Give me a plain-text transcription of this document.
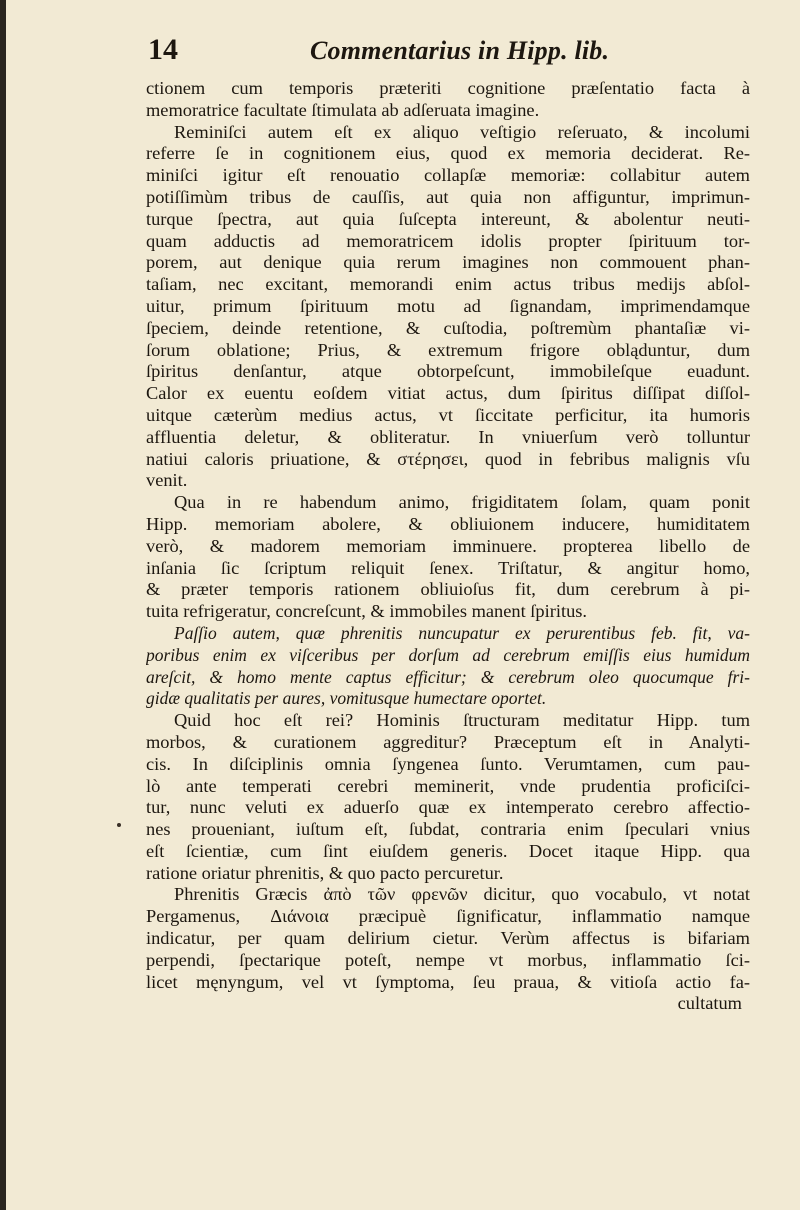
14	Commentarius in Hipp. lib.
ctionem cum temporis præteriti cognitione præſentatio facta à
memoratrice facultate ſtimulata ab adſeruata imagine.
Reminiſci autem eſt ex aliquo veſtigio reſeruato, & incolumi
referre ſe in cognitionem eius, quod ex memoria deciderat. Re-
miniſci igitur eſt renouatio collapſæ memoriæ: collabitur autem
potiſſimùm tribus de cauſſis, aut quia non affiguntur, imprimun-
turque ſpectra, aut quia ſuſcepta intereunt, & abolentur neuti-
quam adductis ad memoratricem idolis propter ſpirituum tor-
porem, aut denique quia rerum imagines non commouent phan-
taſiam, nec excitant, memorandi enim actus tribus medijs abſol-
uitur, primum ſpirituum motu ad ſignandam, imprimendamque
ſpeciem, deinde retentione, & cuſtodia, poſtremùm phantaſiæ vi-
ſorum oblatione; Prius, & extremum frigore obląduntur, dum
ſpiritus denſantur, atque obtorpeſcunt, immobileſque euadunt.
Calor ex euentu eoſdem vitiat actus, dum ſpiritus diſſipat diſſol-
uitque cæterùm medius actus, vt ſiccitate perficitur, ita humoris
affluentia deletur, & obliteratur. In vniuerſum verò tolluntur
natiui caloris priuatione, & στέρησει, quod in febribus malignis vſu
venit.
Qua in re habendum animo, frigiditatem ſolam, quam ponit
Hipp. memoriam abolere, & obliuionem inducere, humiditatem
verò, & madorem memoriam imminuere. propterea libello de
inſania ſic ſcriptum reliquit ſenex. Triſtatur, & angitur homo,
& præter temporis rationem obliuioſus fit, dum cerebrum à pi-
tuita refrigeratur, concreſcunt, & immobiles manent ſpiritus.
Paſſio autem, quæ phrenitis nuncupatur ex perurentibus feb. fit, va-
poribus enim ex viſceribus per dorſum ad cerebrum emiſſis eius humidum
areſcit, & homo mente captus efficitur; & cerebrum oleo quocumque fri-
gidæ qualitatis per aures, vomitusque humectare oportet.
Quid hoc eſt rei? Hominis ſtructuram meditatur Hipp. tum
morbos, & curationem aggreditur? Præceptum eſt in Analyti-
cis. In diſciplinis omnia ſyngenea ſunto. Verumtamen, cum pau-
lò ante temperati cerebri meminerit, vnde prudentia proficiſci-
tur, nunc veluti ex aduerſo quæ ex intemperato cerebro affectio-
nes proueniant, iuſtum eſt, ſubdat, contraria enim ſpeculari vnius
eſt ſcientiæ, cum ſint eiuſdem generis. Docet itaque Hipp. qua
ratione oriatur phrenitis, & quo pacto percuretur.
Phrenitis Græcis ἀπὸ τῶν φρενῶν dicitur, quo vocabulo, vt notat
Pergamenus, Διάνοια præcipuè ſignificatur, inflammatio namque
indicatur, per quam delirium cietur. Verùm affectus is bifariam
perpendi, ſpectarique poteſt, nempe vt morbus, inflammatio ſci-
licet męnyngum, vel vt ſymptoma, ſeu praua, & vitioſa actio fa-
cultatum
